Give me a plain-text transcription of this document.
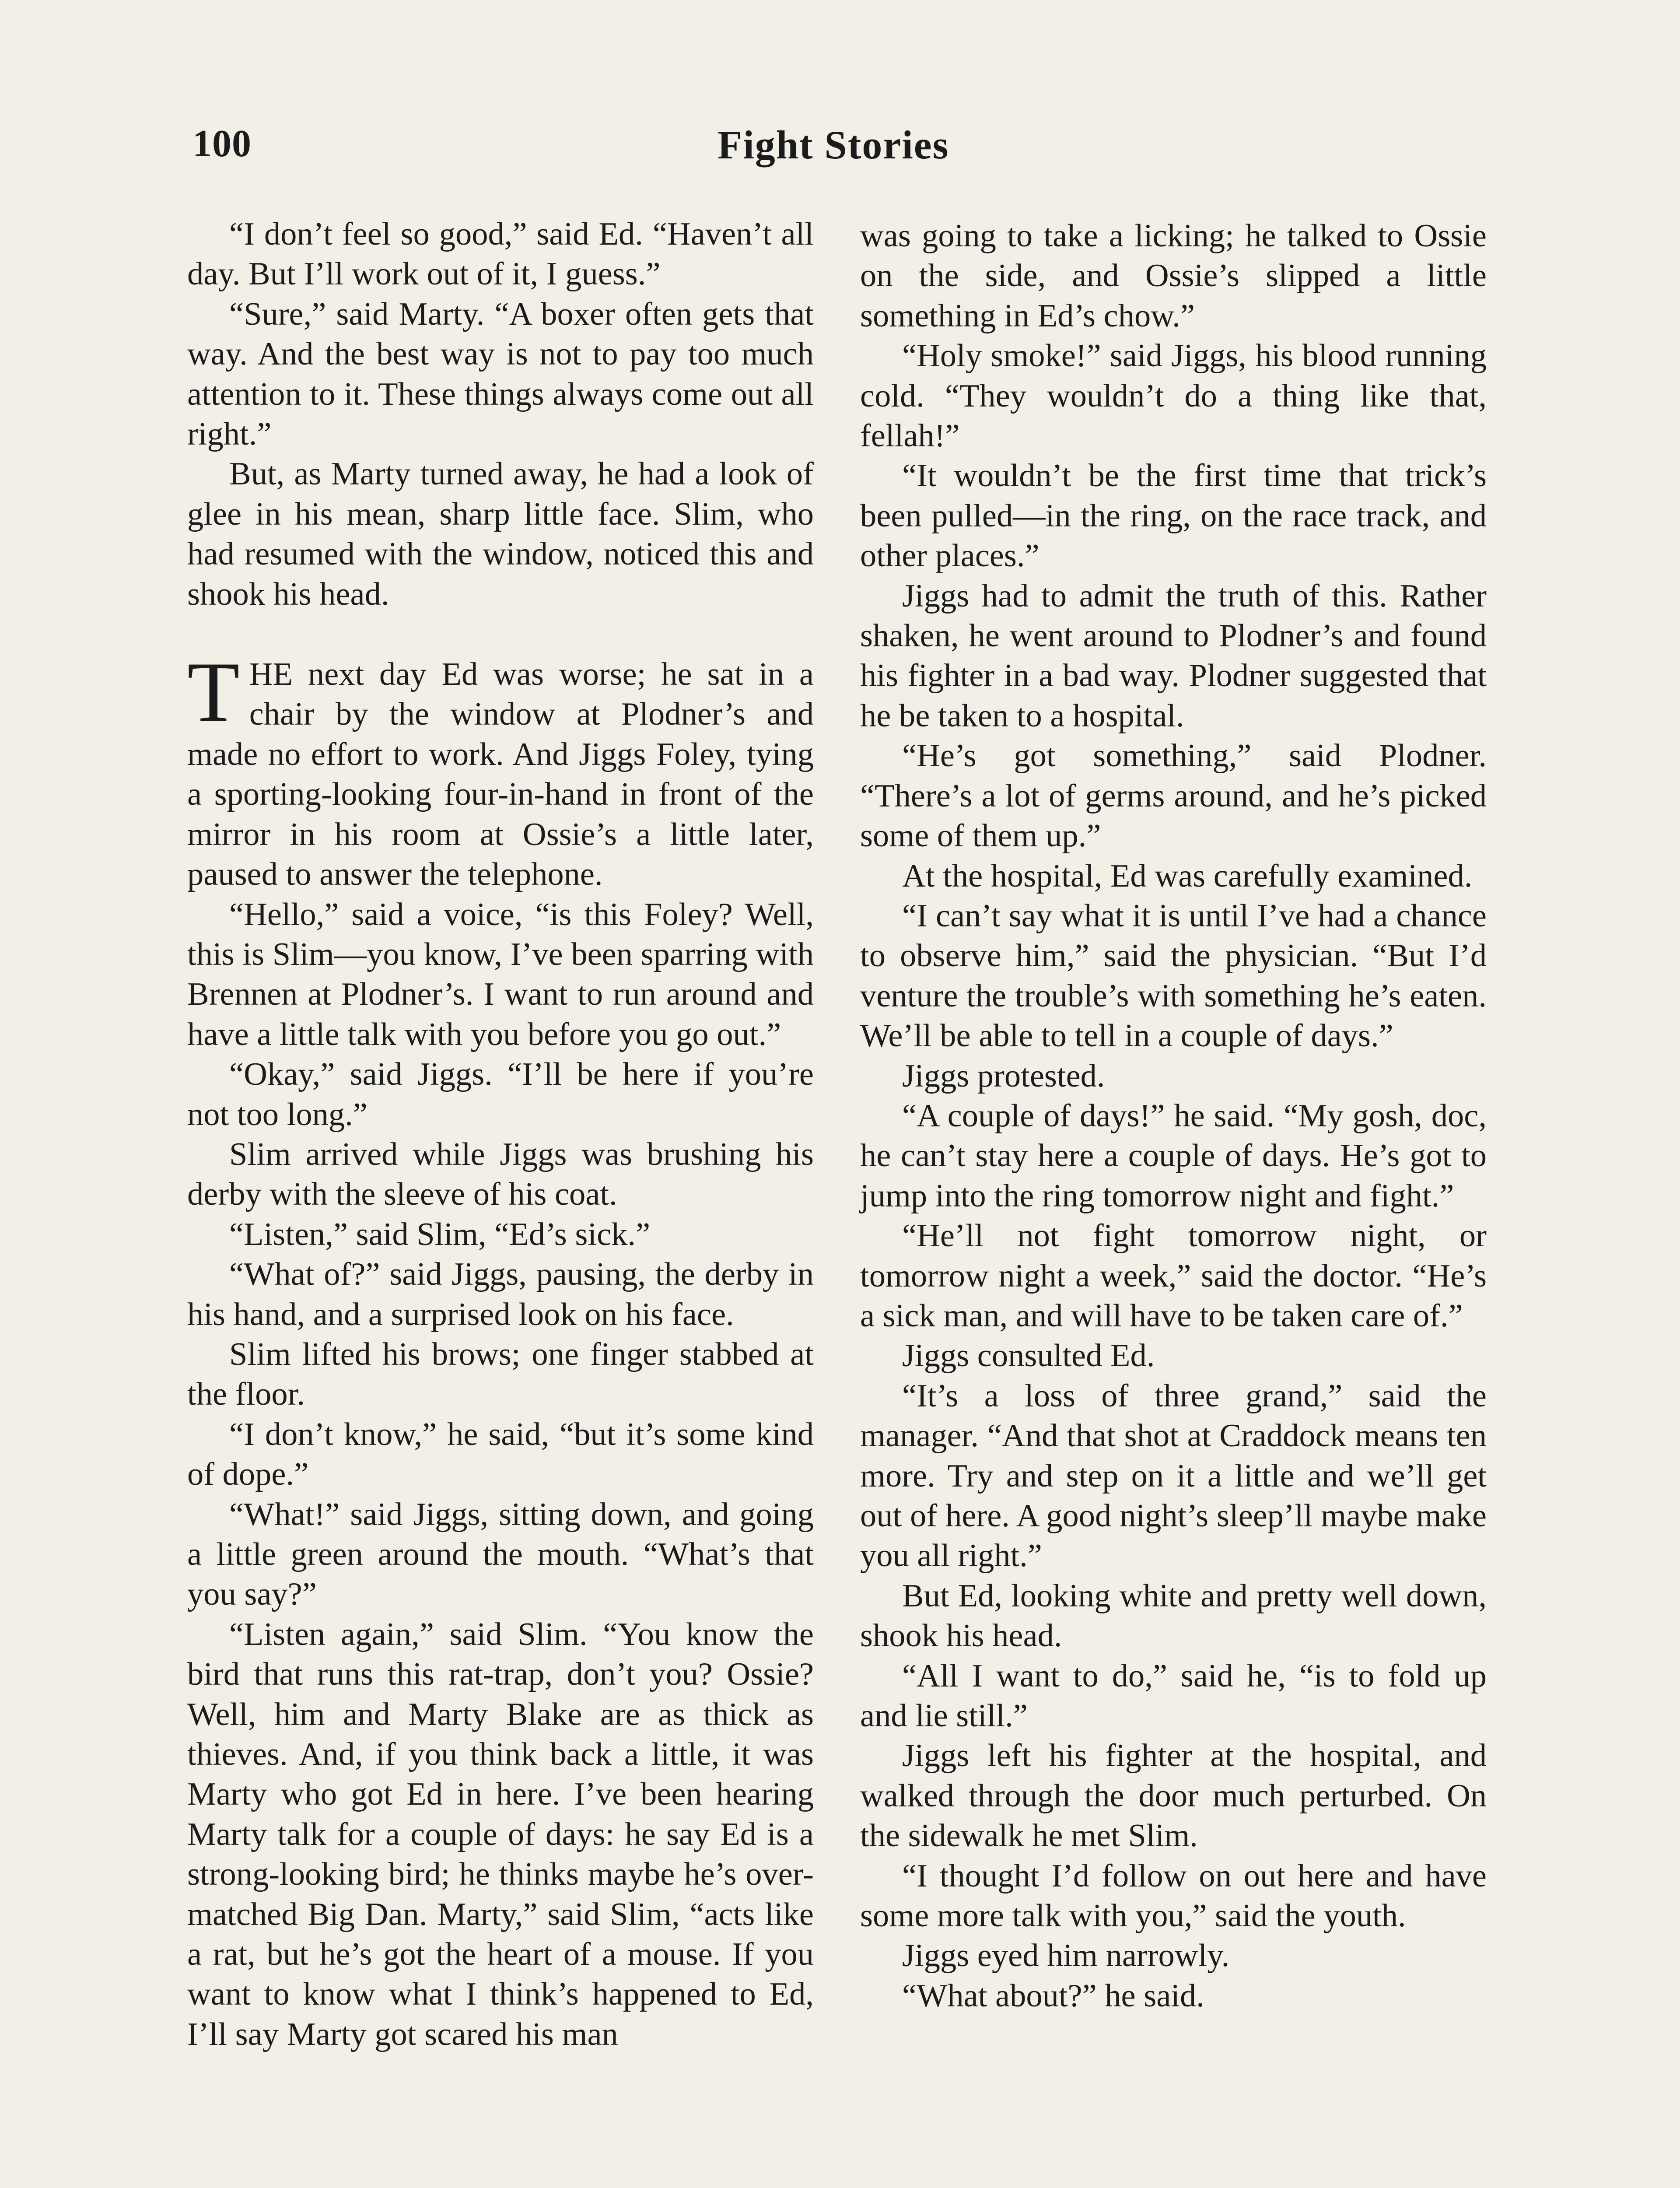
100	Fight Stories

“I don’t feel so good,” said Ed. “Haven’t all day. But I’ll work out of it, I guess.”

“Sure,” said Marty. “A boxer often gets that way. And the best way is not to pay too much attention to it. These things always come out all right.”

But, as Marty turned away, he had a look of glee in his mean, sharp little face. Slim, who had resumed with the window, noticed this and shook his head.

THE next day Ed was worse; he sat in a chair by the window at Plodner’s and made no effort to work. And Jiggs Foley, tying a sporting-looking four-in-hand in front of the mirror in his room at Ossie’s a little later, paused to answer the telephone.

“Hello,” said a voice, “is this Foley? Well, this is Slim—you know, I’ve been sparring with Brennen at Plodner’s. I want to run around and have a little talk with you before you go out.”

“Okay,” said Jiggs. “I’ll be here if you’re not too long.”

Slim arrived while Jiggs was brushing his derby with the sleeve of his coat.

“Listen,” said Slim, “Ed’s sick.”

“What of?” said Jiggs, pausing, the derby in his hand, and a surprised look on his face.

Slim lifted his brows; one finger stabbed at the floor.

“I don’t know,” he said, “but it’s some kind of dope.”

“What!” said Jiggs, sitting down, and going a little green around the mouth. “What’s that you say?”

“Listen again,” said Slim. “You know the bird that runs this rat-trap, don’t you? Ossie? Well, him and Marty Blake are as thick as thieves. And, if you think back a little, it was Marty who got Ed in here. I’ve been hearing Marty talk for a couple of days: he say Ed is a strong-looking bird; he thinks maybe he’s over-matched Big Dan. Marty,” said Slim, “acts like a rat, but he’s got the heart of a mouse. If you want to know what I think’s happened to Ed, I’ll say Marty got scared his man

was going to take a licking; he talked to Ossie on the side, and Ossie’s slipped a little something in Ed’s chow.”

“Holy smoke!” said Jiggs, his blood running cold. “They wouldn’t do a thing like that, fellah!”

“It wouldn’t be the first time that trick’s been pulled—in the ring, on the race track, and other places.”

Jiggs had to admit the truth of this. Rather shaken, he went around to Plodner’s and found his fighter in a bad way. Plodner suggested that he be taken to a hospital.

“He’s got something,” said Plodner. “There’s a lot of germs around, and he’s picked some of them up.”

At the hospital, Ed was carefully examined.

“I can’t say what it is until I’ve had a chance to observe him,” said the physician. “But I’d venture the trouble’s with something he’s eaten. We’ll be able to tell in a couple of days.”

Jiggs protested.

“A couple of days!” he said. “My gosh, doc, he can’t stay here a couple of days. He’s got to jump into the ring tomorrow night and fight.”

“He’ll not fight tomorrow night, or tomorrow night a week,” said the doctor. “He’s a sick man, and will have to be taken care of.”

Jiggs consulted Ed.

“It’s a loss of three grand,” said the manager. “And that shot at Craddock means ten more. Try and step on it a little and we’ll get out of here. A good night’s sleep’ll maybe make you all right.”

But Ed, looking white and pretty well down, shook his head.

“All I want to do,” said he, “is to fold up and lie still.”

Jiggs left his fighter at the hospital, and walked through the door much perturbed. On the sidewalk he met Slim.

“I thought I’d follow on out here and have some more talk with you,” said the youth.

Jiggs eyed him narrowly.

“What about?” he said.
